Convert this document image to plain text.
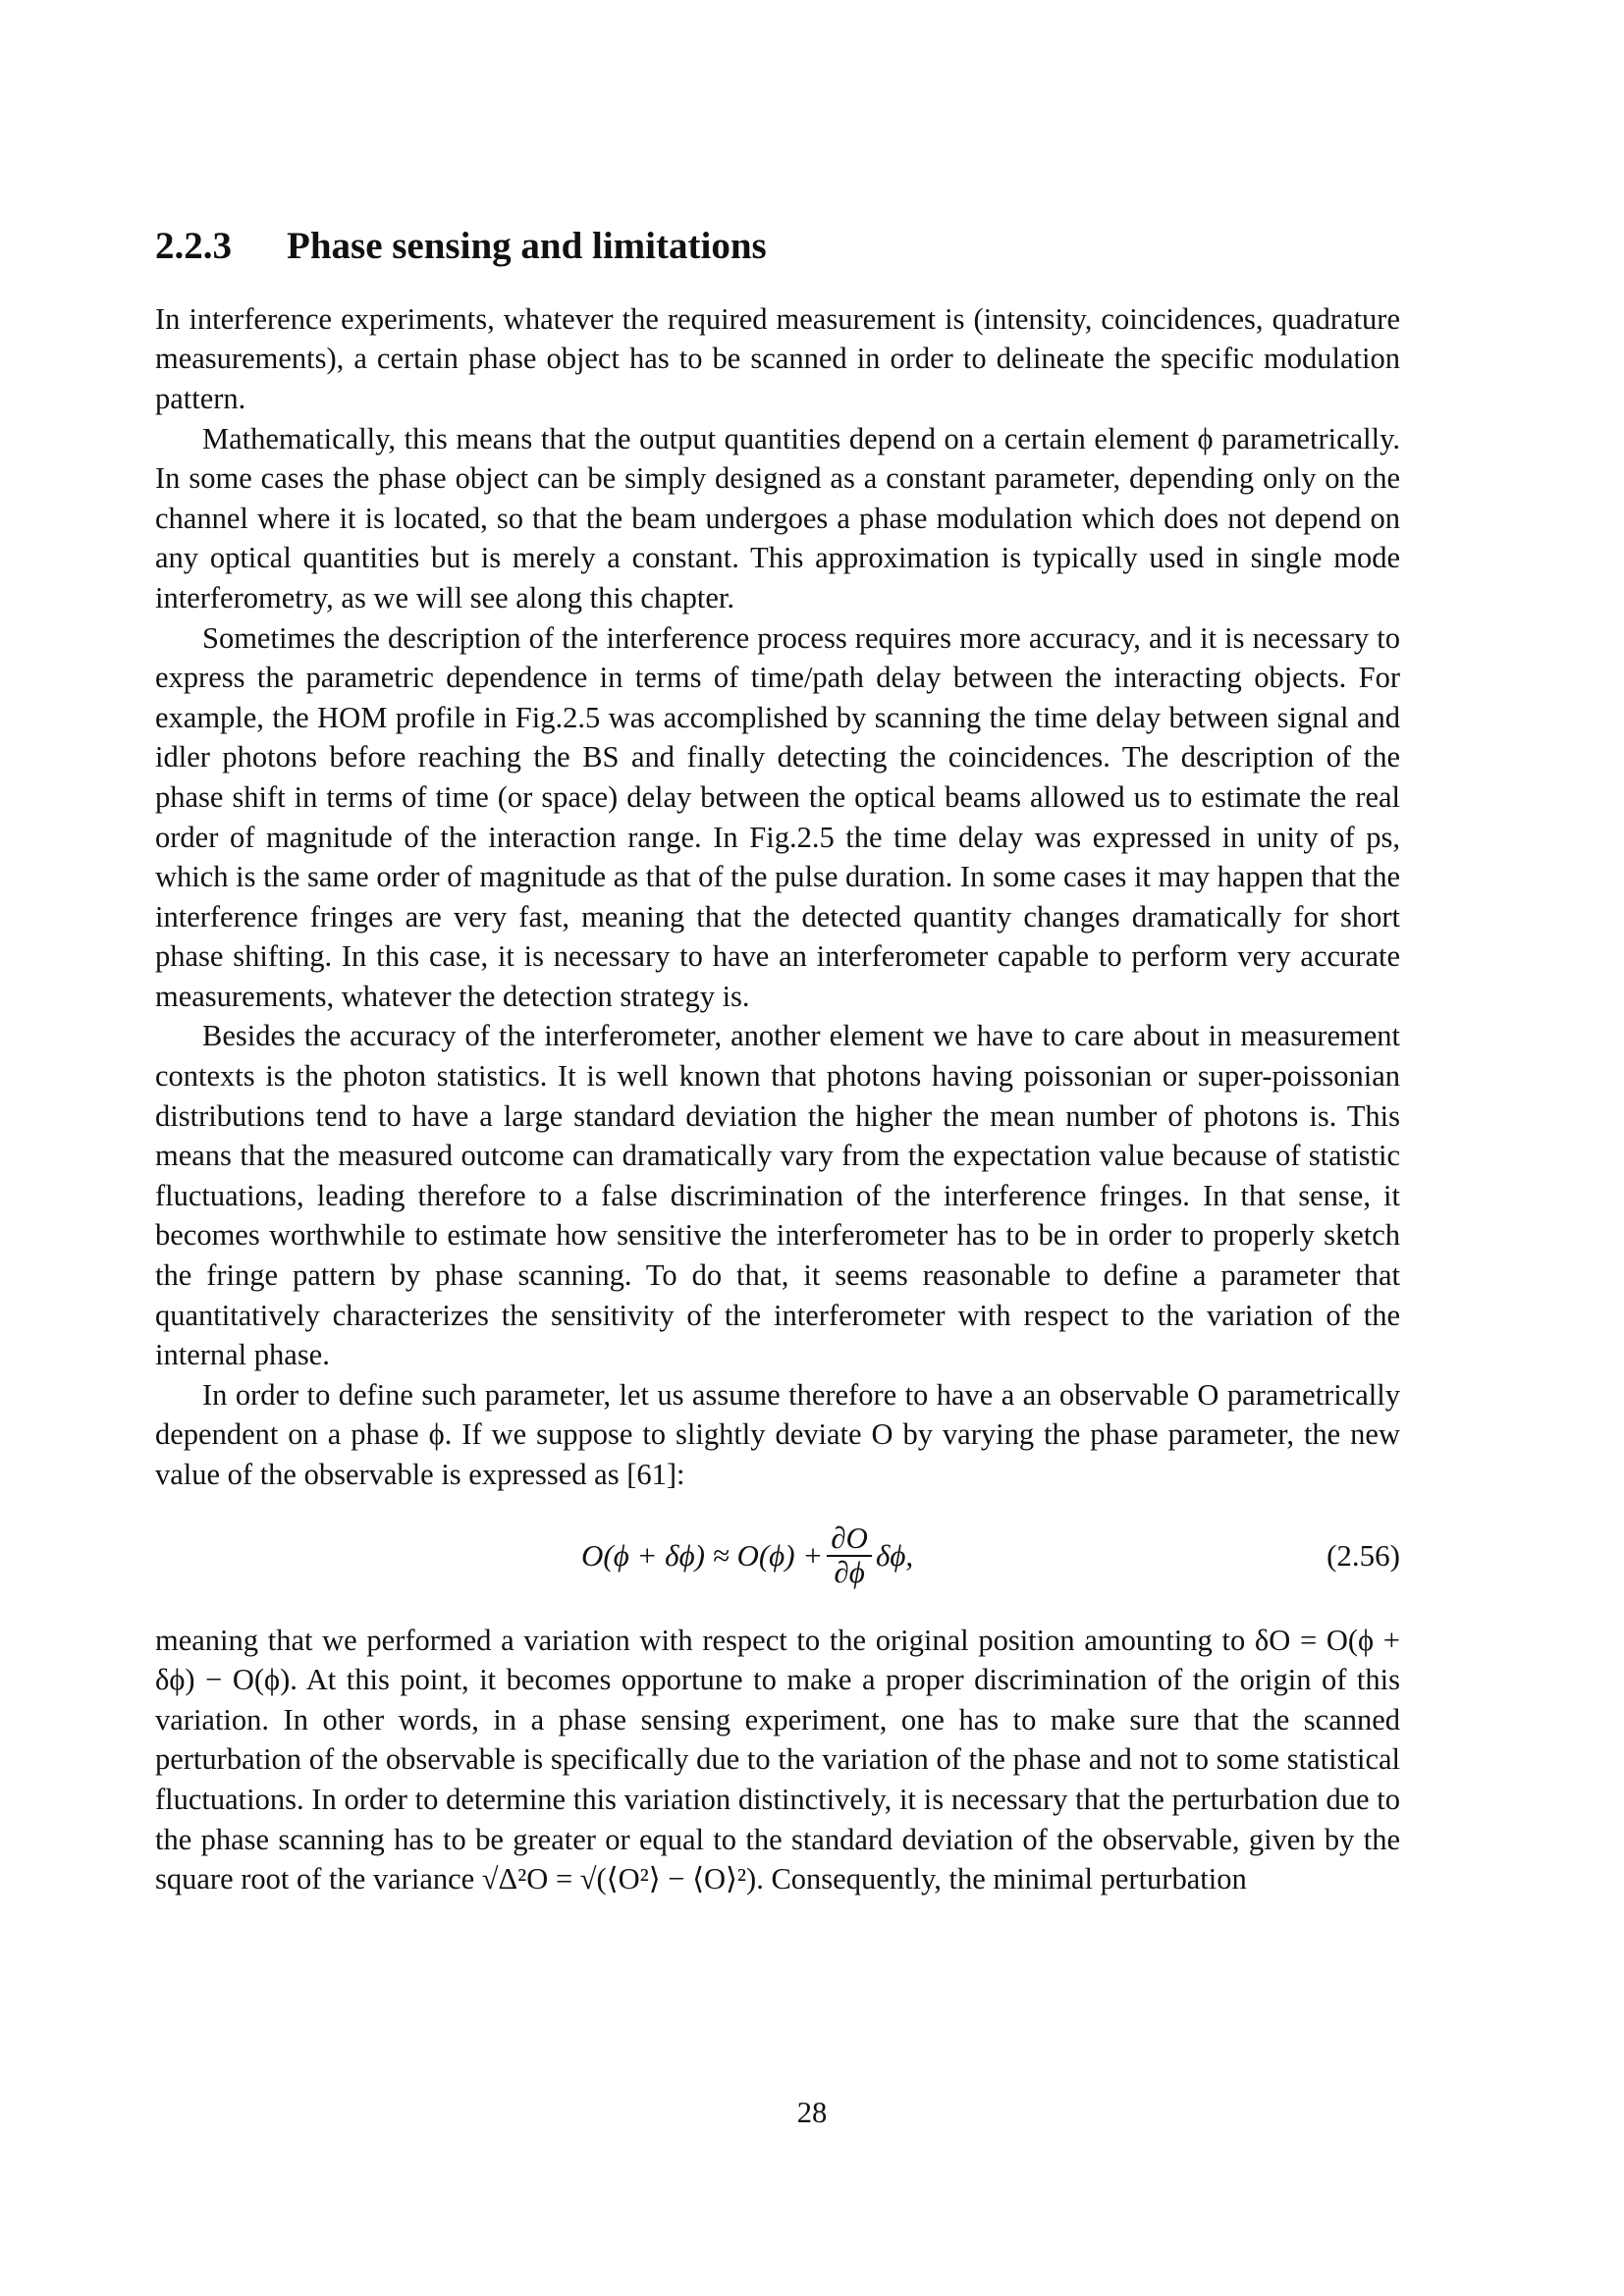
2.2.3 Phase sensing and limitations

In interference experiments, whatever the required measurement is (intensity, coincidences, quadrature measurements), a certain phase object has to be scanned in order to delineate the specific modulation pattern.

Mathematically, this means that the output quantities depend on a certain element ϕ parametrically. In some cases the phase object can be simply designed as a constant parameter, depending only on the channel where it is located, so that the beam undergoes a phase modulation which does not depend on any optical quantities but is merely a constant. This approximation is typically used in single mode interferometry, as we will see along this chapter.

Sometimes the description of the interference process requires more accuracy, and it is necessary to express the parametric dependence in terms of time/path delay between the interacting objects. For example, the HOM profile in Fig.2.5 was accomplished by scanning the time delay between signal and idler photons before reaching the BS and finally detecting the coincidences. The description of the phase shift in terms of time (or space) delay between the optical beams allowed us to estimate the real order of magnitude of the interaction range. In Fig.2.5 the time delay was expressed in unity of ps, which is the same order of magnitude as that of the pulse duration. In some cases it may happen that the interference fringes are very fast, meaning that the detected quantity changes dramatically for short phase shifting. In this case, it is necessary to have an interferometer capable to perform very accurate measurements, whatever the detection strategy is.

Besides the accuracy of the interferometer, another element we have to care about in measurement contexts is the photon statistics. It is well known that photons having poissonian or super-poissonian distributions tend to have a large standard deviation the higher the mean number of photons is. This means that the measured outcome can dramatically vary from the expectation value because of statistic fluctuations, leading therefore to a false discrimination of the interference fringes. In that sense, it becomes worthwhile to estimate how sensitive the interferometer has to be in order to properly sketch the fringe pattern by phase scanning. To do that, it seems reasonable to define a parameter that quantitatively characterizes the sensitivity of the interferometer with respect to the variation of the internal phase.

In order to define such parameter, let us assume therefore to have a an observable O parametrically dependent on a phase ϕ. If we suppose to slightly deviate O by varying the phase parameter, the new value of the observable is expressed as [61]:

$O(\phi + \delta\phi) \approx O(\phi) + \frac{\partial O}{\partial\phi} \delta\phi$,	(2.56)

meaning that we performed a variation with respect to the original position amounting to δO = O(ϕ + δϕ) − O(ϕ). At this point, it becomes opportune to make a proper discrimination of the origin of this variation. In other words, in a phase sensing experiment, one has to make sure that the scanned perturbation of the observable is specifically due to the variation of the phase and not to some statistical fluctuations. In order to determine this variation distinctively, it is necessary that the perturbation due to the phase scanning has to be greater or equal to the standard deviation of the observable, given by the square root of the variance √Δ²O = √(⟨O²⟩ − ⟨O⟩²). Consequently, the minimal perturbation

28
